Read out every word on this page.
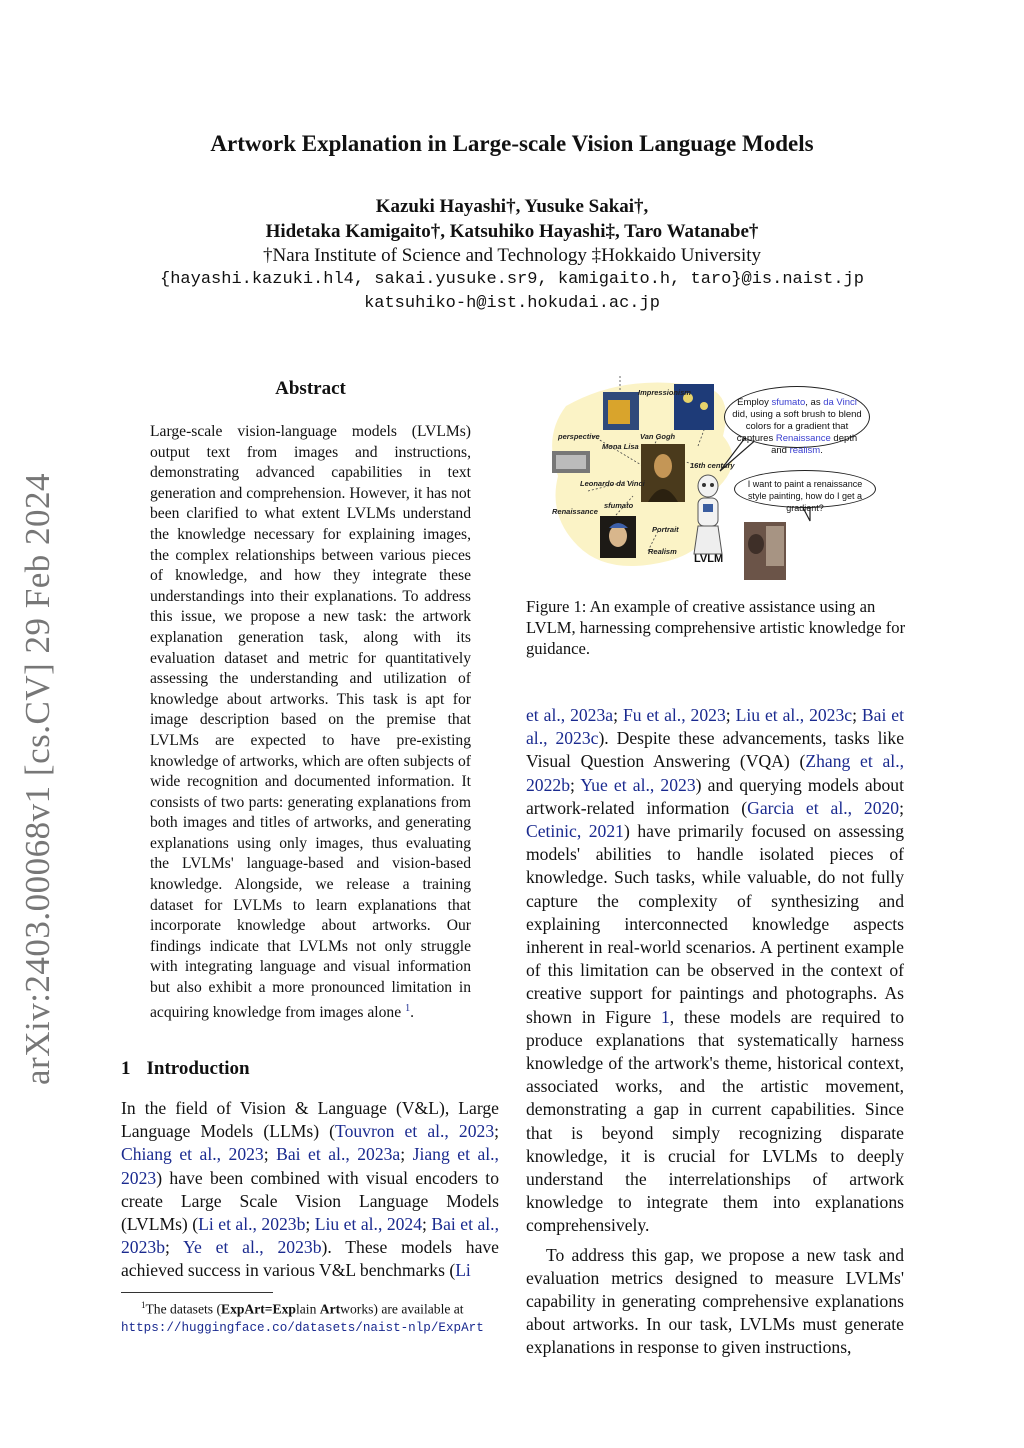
arXiv:2403.00068v1 [cs.CV] 29 Feb 2024
Artwork Explanation in Large-scale Vision Language Models
Kazuki Hayashi†, Yusuke Sakai†,
Hidetaka Kamigaito†, Katsuhiko Hayashi‡, Taro Watanabe†
†Nara Institute of Science and Technology ‡Hokkaido University
{hayashi.kazuki.hl4, sakai.yusuke.sr9, kamigaito.h, taro}@is.naist.jp
katsuhiko-h@ist.hokudai.ac.jp
Abstract
Large-scale vision-language models (LVLMs) output text from images and instructions, demonstrating advanced capabilities in text generation and comprehension. However, it has not been clarified to what extent LVLMs understand the knowledge necessary for explaining images, the complex relationships between various pieces of knowledge, and how they integrate these understandings into their explanations. To address this issue, we propose a new task: the artwork explanation generation task, along with its evaluation dataset and metric for quantitatively assessing the understanding and utilization of knowledge about artworks. This task is apt for image description based on the premise that LVLMs are expected to have pre-existing knowledge of artworks, which are often subjects of wide recognition and documented information. It consists of two parts: generating explanations from both images and titles of artworks, and generating explanations using only images, thus evaluating the LVLMs' language-based and vision-based knowledge. Alongside, we release a training dataset for LVLMs to learn explanations that incorporate knowledge about artworks. Our findings indicate that LVLMs not only struggle with integrating language and visual information but also exhibit a more pronounced limitation in acquiring knowledge from images alone $^1$.
1 Introduction
In the field of Vision & Language (V&L), Large Language Models (LLMs) (Touvron et al., 2023; Chiang et al., 2023; Bai et al., 2023a; Jiang et al., 2023) have been combined with visual encoders to create Large Scale Vision Language Models (LVLMs) (Li et al., 2023b; Liu et al., 2024; Bai et al., 2023b; Ye et al., 2023b). These models have achieved success in various V&L benchmarks (Li
$^1$The datasets (ExpArt=Explain Artworks) are available at
https://huggingface.co/datasets/naist-nlp/ExpArt
Employ sfumato, as da Vinci did, using a soft brush to blend colors for a gradient that captures Renaissance depth and realism.
I want to paint a renaissance style painting, how do I get a gradient?
LVLM
Impressionism
perspective
Mona Lisa
Van Gogh
16th century
Leonardo da Vinci
Renaissance
sfumato
Portrait
Realism
Figure 1: An example of creative assistance using an LVLM, harnessing comprehensive artistic knowledge for guidance.
et al., 2023a; Fu et al., 2023; Liu et al., 2023c; Bai et al., 2023c). Despite these advancements, tasks like Visual Question Answering (VQA) (Zhang et al., 2022b; Yue et al., 2023) and querying models about artwork-related information (Garcia et al., 2020; Cetinic, 2021) have primarily focused on assessing models' abilities to handle isolated pieces of knowledge. Such tasks, while valuable, do not fully capture the complexity of synthesizing and explaining interconnected knowledge aspects inherent in real-world scenarios. A pertinent example of this limitation can be observed in the context of creative support for paintings and photographs. As shown in Figure 1, these models are required to produce explanations that systematically harness knowledge of the artwork's theme, historical context, associated works, and the artistic movement, demonstrating a gap in current capabilities. Since that is beyond simply recognizing disparate knowledge, it is crucial for LVLMs to deeply understand the interrelationships of artwork knowledge to integrate them into explanations comprehensively.
To address this gap, we propose a new task and evaluation metrics designed to measure LVLMs' capability in generating comprehensive explanations about artworks. In our task, LVLMs must generate explanations in response to given instructions,
